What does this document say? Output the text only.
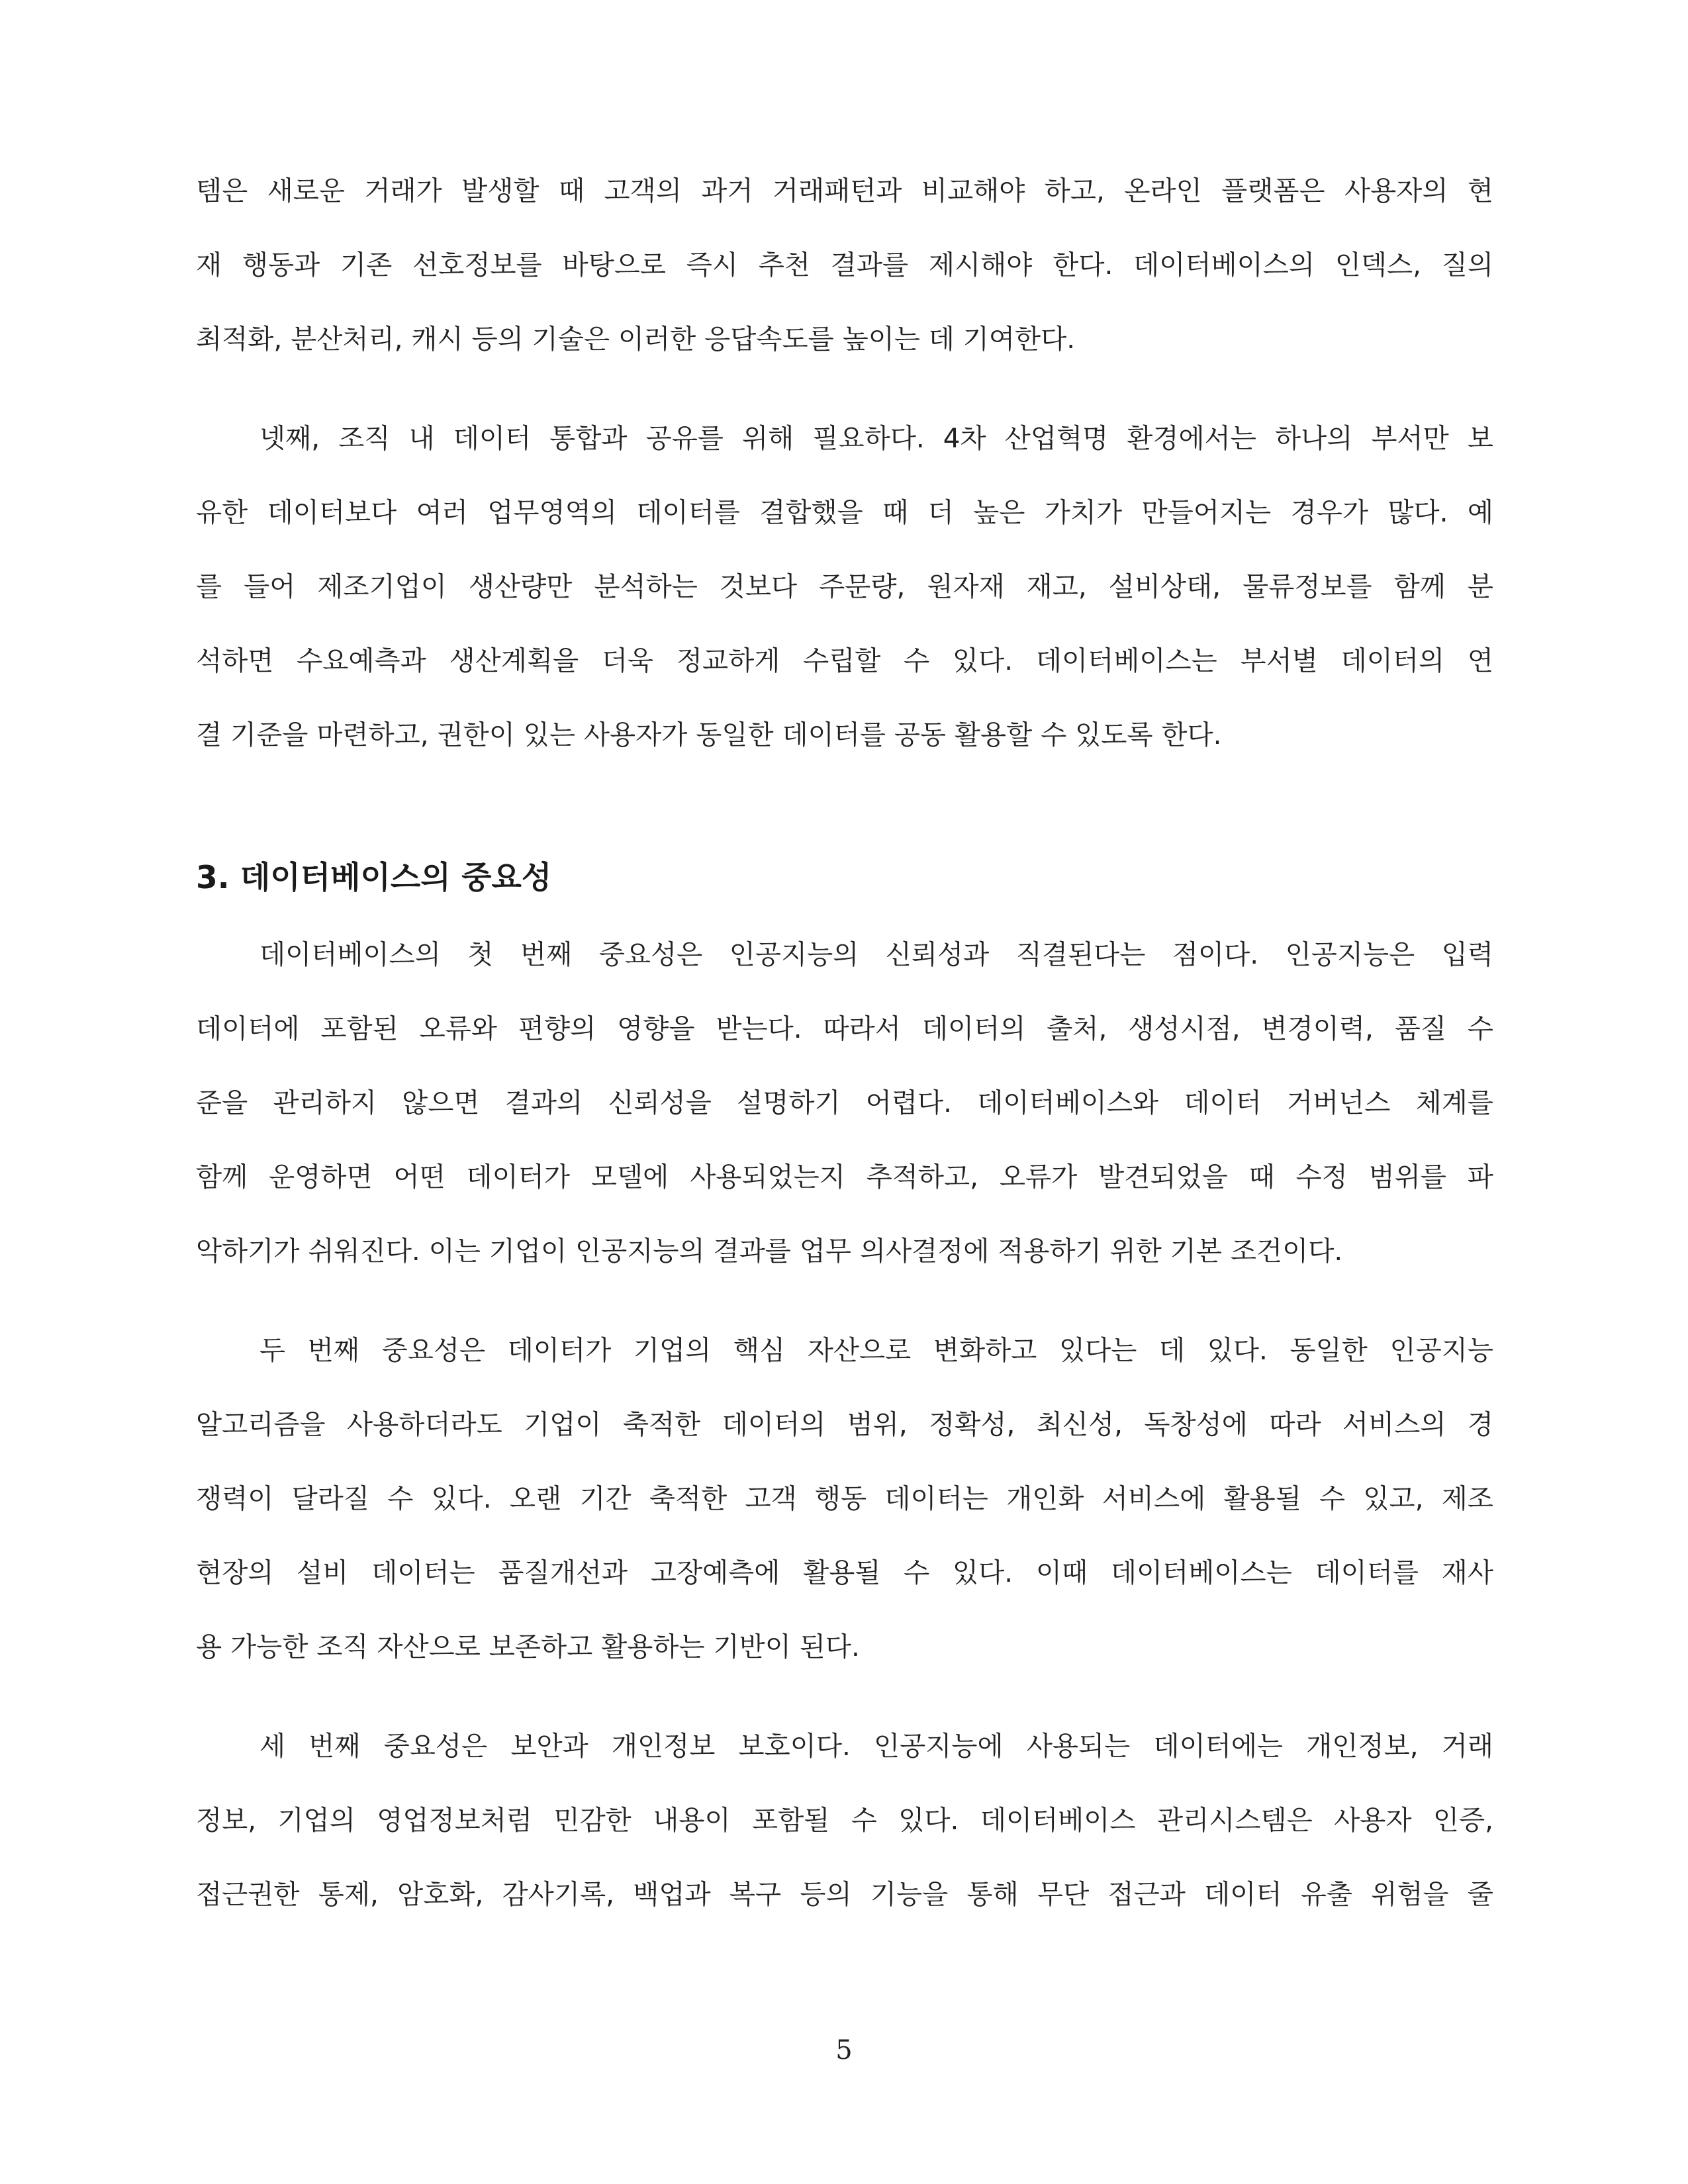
템은 새로운 거래가 발생할 때 고객의 과거 거래패턴과 비교해야 하고, 온라인 플랫폼은 사용자의 현
재 행동과 기존 선호정보를 바탕으로 즉시 추천 결과를 제시해야 한다. 데이터베이스의 인덱스, 질의
최적화, 분산처리, 캐시 등의 기술은 이러한 응답속도를 높이는 데 기여한다.
넷째, 조직 내 데이터 통합과 공유를 위해 필요하다. 4차 산업혁명 환경에서는 하나의 부서만 보
유한 데이터보다 여러 업무영역의 데이터를 결합했을 때 더 높은 가치가 만들어지는 경우가 많다. 예
를 들어 제조기업이 생산량만 분석하는 것보다 주문량, 원자재 재고, 설비상태, 물류정보를 함께 분
석하면 수요예측과 생산계획을 더욱 정교하게 수립할 수 있다. 데이터베이스는 부서별 데이터의 연
결 기준을 마련하고, 권한이 있는 사용자가 동일한 데이터를 공동 활용할 수 있도록 한다.
3. 데이터베이스의 중요성
데이터베이스의 첫 번째 중요성은 인공지능의 신뢰성과 직결된다는 점이다. 인공지능은 입력
데이터에 포함된 오류와 편향의 영향을 받는다. 따라서 데이터의 출처, 생성시점, 변경이력, 품질 수
준을 관리하지 않으면 결과의 신뢰성을 설명하기 어렵다. 데이터베이스와 데이터 거버넌스 체계를
함께 운영하면 어떤 데이터가 모델에 사용되었는지 추적하고, 오류가 발견되었을 때 수정 범위를 파
악하기가 쉬워진다. 이는 기업이 인공지능의 결과를 업무 의사결정에 적용하기 위한 기본 조건이다.
두 번째 중요성은 데이터가 기업의 핵심 자산으로 변화하고 있다는 데 있다. 동일한 인공지능
알고리즘을 사용하더라도 기업이 축적한 데이터의 범위, 정확성, 최신성, 독창성에 따라 서비스의 경
쟁력이 달라질 수 있다. 오랜 기간 축적한 고객 행동 데이터는 개인화 서비스에 활용될 수 있고, 제조
현장의 설비 데이터는 품질개선과 고장예측에 활용될 수 있다. 이때 데이터베이스는 데이터를 재사
용 가능한 조직 자산으로 보존하고 활용하는 기반이 된다.
세 번째 중요성은 보안과 개인정보 보호이다. 인공지능에 사용되는 데이터에는 개인정보, 거래
정보, 기업의 영업정보처럼 민감한 내용이 포함될 수 있다. 데이터베이스 관리시스템은 사용자 인증,
접근권한 통제, 암호화, 감사기록, 백업과 복구 등의 기능을 통해 무단 접근과 데이터 유출 위험을 줄
5
